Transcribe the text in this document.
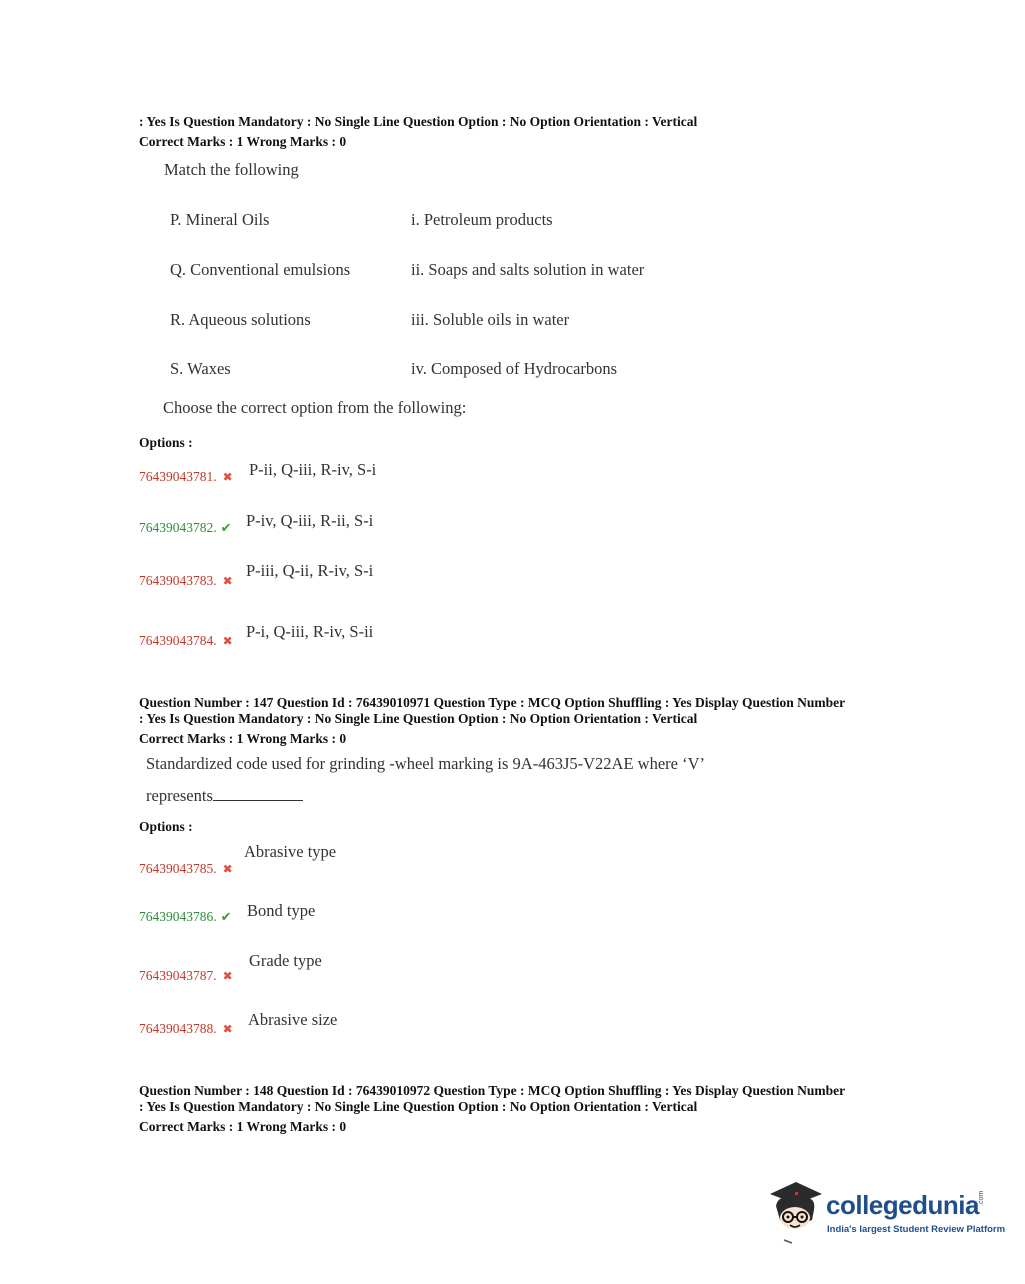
: Yes Is Question Mandatory : No Single Line Question Option : No Option Orientation : Vertical
Correct Marks : 1 Wrong Marks : 0
Match the following
P. Mineral Oils	i. Petroleum products
Q. Conventional emulsions	ii. Soaps and salts solution in water
R. Aqueous solutions	iii. Soluble oils in water
S. Waxes	iv. Composed of Hydrocarbons
Choose the correct option from the following:
Options :
76439043781. ✖ P-ii, Q-iii, R-iv, S-i
76439043782. ✔ P-iv, Q-iii, R-ii, S-i
76439043783. ✖
P-iii, Q-ii, R-iv, S-i
76439043784. ✖ P-i, Q-iii, R-iv, S-ii
Question Number : 147 Question Id : 76439010971 Question Type : MCQ Option Shuffling : Yes Display Question Number
: Yes Is Question Mandatory : No Single Line Question Option : No Option Orientation : Vertical
Correct Marks : 1 Wrong Marks : 0
Standardized code used for grinding -wheel marking is 9A-463J5-V22AE where ‘V’
represents
Options :
76439043785. ✖
Abrasive type
76439043786. ✔ Bond type
76439043787. ✖
Grade type
76439043788. ✖ Abrasive size
Question Number : 148 Question Id : 76439010972 Question Type : MCQ Option Shuffling : Yes Display Question Number
: Yes Is Question Mandatory : No Single Line Question Option : No Option Orientation : Vertical
Correct Marks : 1 Wrong Marks : 0
collegedunia .com
India's largest Student Review Platform
